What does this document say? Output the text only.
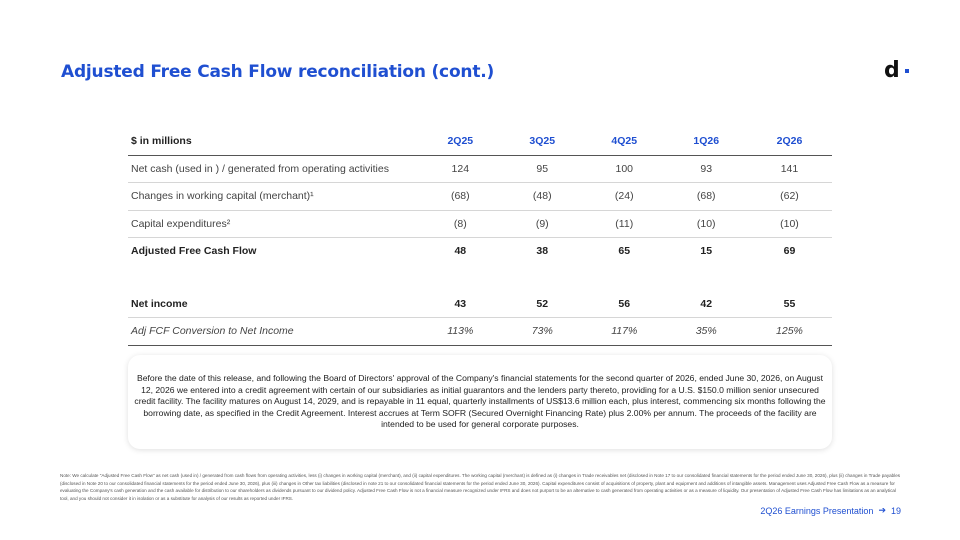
Adjusted Free Cash Flow reconciliation (cont.)	d
$ in millions	2Q25	3Q25	4Q25	1Q26	2Q26
Net cash (used in ) / generated from operating activities	124	95	100	93	141
Changes in working capital (merchant)¹	(68)	(48)	(24)	(68)	(62)
Capital expenditures²	(8)	(9)	(11)	(10)	(10)
Adjusted Free Cash Flow	48	38	65	15	69

Net income	43	52	56	42	55
Adj FCF Conversion to Net Income	113%	73%	117%	35%	125%
Before the date of this release, and following the Board of Directors' approval of the Company's financial statements for the second quarter of 2026, ended June 30, 2026, on August 12, 2026 we entered into a credit agreement with certain of our subsidiaries as initial guarantors and the lenders party thereto, providing for a U.S. $150.0 million senior unsecured credit facility. The facility matures on August 14, 2029, and is repayable in 11 equal, quarterly installments of US$13.6 million each, plus interest, commencing six months following the borrowing date, as specified in the Credit Agreement. Interest accrues at Term SOFR (Secured Overnight Financing Rate) plus 2.00% per annum. The proceeds of the facility are intended to be used for general corporate purposes.
Note: We calculate "Adjusted Free Cash Flow" as net cash (used in) / generated from cash flows from operating activities, less (i) changes in working capital (merchant), and (ii) capital expenditures. The working capital (merchant) is defined as (i) changes in Trade receivables net (disclosed in Note 17 to our consolidated financial statements for the period ended June 30, 2026), plus (ii) changes in Trade payables (disclosed in Note 20 to our consolidated financial statements for the period ended June 30, 2026), plus (iii) changes in Other tax liabilities (disclosed in note 21 to our consolidated financial statements for the period ended June 30, 2026). Capital expenditures consist of acquisitions of property, plant and equipment and additions of intangible assets. Management uses Adjusted Free Cash Flow as a measure for evaluating the Company's cash generation and the cash available for distribution to our shareholders as dividends pursuant to our dividend policy. Adjusted Free Cash Flow is not a financial measure recognized under IFRS and does not purport to be an alternative to cash generated from operating activities or as a measure of liquidity. Our presentation of Adjusted Free Cash Flow has limitations as an analytical tool, and you should not consider it in isolation or as a substitute for analysis of our results as reported under IFRS.
2Q26 Earnings Presentation ➔ 19
